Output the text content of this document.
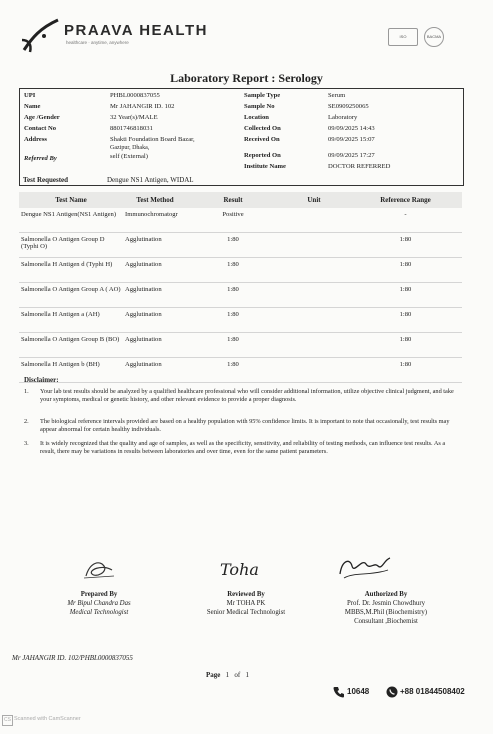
PRAAVA HEALTH
healthcare · anytime, anywhere
ISO	BACMA
Laboratory Report : Serology
UPI	PHBL0000837055
Name	Mr JAHANGIR ID. 102
Age /Gender	32 Year(s)/MALE
Contact No	8801746818031
Address	Shakti Foundation Board Bazar,
Gazipur, Dhaka,
Referred By	self (External)
Sample Type	Serum
Sample No	SE0909250065
Location	Laboratory
Collected On	09/09/2025 14:43
Received On	09/09/2025 15:07
Reported On	09/09/2025 17:27
Institute Name	DOCTOR REFERRED
Test Requested	Dengue NS1 Antigen, WIDAL
Test Name	Test Method	Result	Unit	Reference Range
Dengue NS1 Antigen(NS1 Antigen)	Immunochromatogr	Positive		-
Salmonella O Antigen Group D (Typhi O)	Agglutination	1:80		1:80
Salmonella H Antigen d (Typhi H)	Agglutination	1:80		1:80
Salmonella O Antigen Group A ( AO)	Agglutination	1:80		1:80
Salmonella H Antigen a (AH)	Agglutination	1:80		1:80
Salmonella O Antigen Group B (BO)	Agglutination	1:80		1:80
Salmonella H Antigen b (BH)	Agglutination	1:80		1:80
Disclaimer:
1. Your lab test results should be analyzed by a qualified healthcare professional who will consider additional information, utilize objective clinical judgment, and take your symptoms, medical or genetic history, and other relevant evidence to provide a proper diagnosis.
2. The biological reference intervals provided are based on a healthy population with 95% confidence limits. It is important to note that occasionally, test results may appear abnormal for certain healthy individuals.
3. It is widely recognized that the quality and age of samples, as well as the specificity, sensitivity, and reliability of testing methods, can influence test results. As a result, there may be variations in results between laboratories and over time, even for the same patient parameters.
Toha
Prepared By
Mr Bipul Chandra Das
Medical Technologist
Reviewed By
Mr TOHA PK
Senior Medical Technologist
Authorized By
Prof. Dr. Jesmin Chowdhury
MBBS,M.Phil (Biochemistry)
Consultant ,Biochemist
Mr JAHANGIR ID. 102/PHBL0000837055
Page 1 of 1
10648	+88 01844508402
CS Scanned with CamScanner
